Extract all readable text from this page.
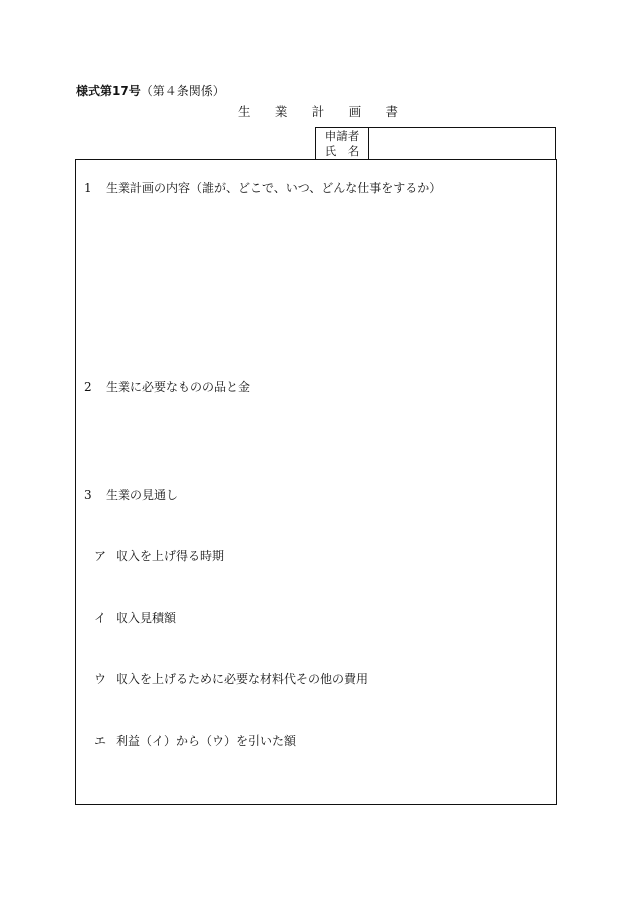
様式第17号（第４条関係）
生 業 計 画 書
申請者
氏　名
1 生業計画の内容（誰が、どこで、いつ、どんな仕事をするか）
2 生業に必要なものの品と金
3 生業の見通し
ア 収入を上げ得る時期
イ 収入見積額
ウ 収入を上げるために必要な材料代その他の費用
エ 利益（イ）から（ウ）を引いた額
